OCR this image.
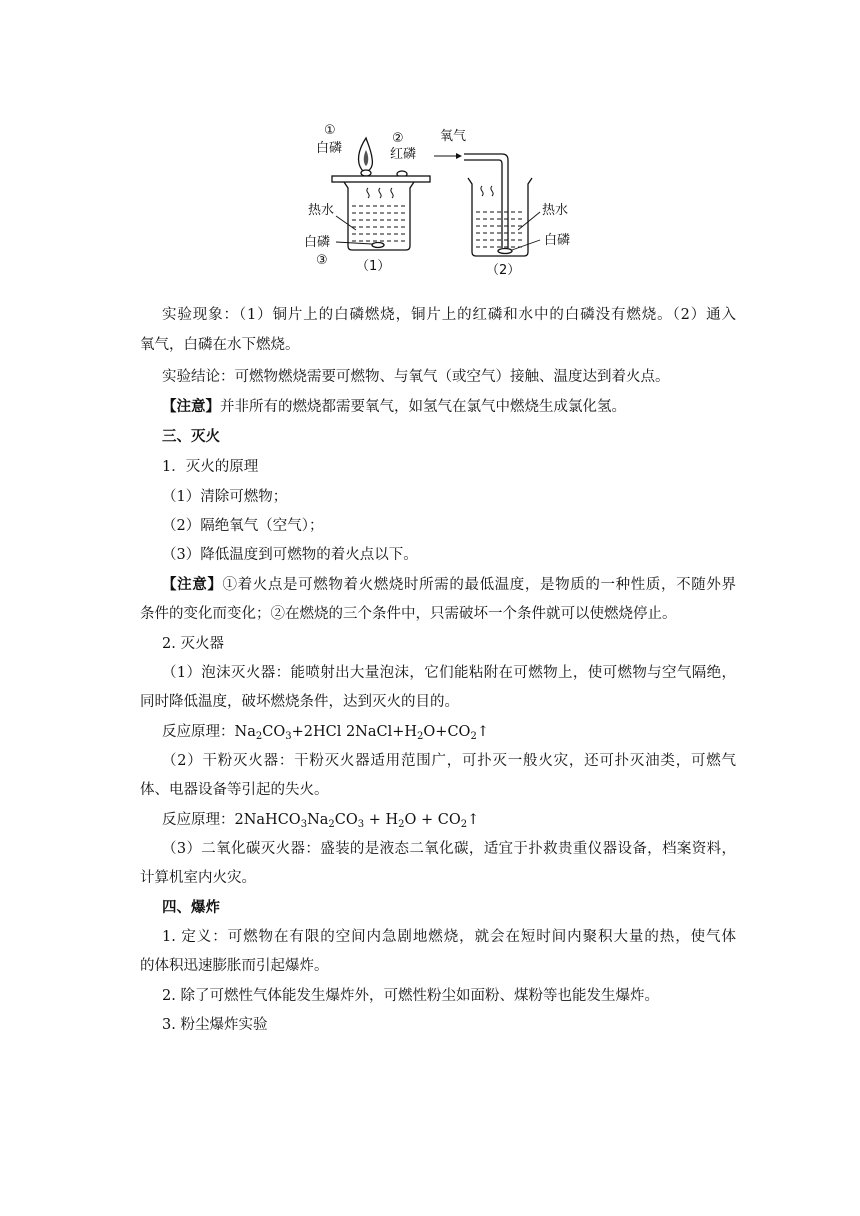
①
白磷
②
红磷
热水
白磷
③ （1）
氧气
热水
白磷
（2）
实验现象：（1）铜片上的白磷燃烧，铜片上的红磷和水中的白磷没有燃烧。（2）通入
氧气，白磷在水下燃烧。
实验结论：可燃物燃烧需要可燃物、与氧气（或空气）接触、温度达到着火点。
【注意】并非所有的燃烧都需要氧气，如氢气在氯气中燃烧生成氯化氢。
三、灭火
1．灭火的原理
（1）清除可燃物；
（2）隔绝氧气（空气）；
（3）降低温度到可燃物的着火点以下。
【注意】①着火点是可燃物着火燃烧时所需的最低温度，是物质的一种性质，不随外界
条件的变化而变化；②在燃烧的三个条件中，只需破坏一个条件就可以使燃烧停止。
2. 灭火器
（1）泡沫灭火器：能喷射出大量泡沫，它们能粘附在可燃物上，使可燃物与空气隔绝，
同时降低温度，破坏燃烧条件，达到灭火的目的。
反应原理：$Na_2CO_3+2HCl$ $2NaCl+H_2O+CO_2↑$
（2）干粉灭火器：干粉灭火器适用范围广，可扑灭一般火灾，还可扑灭油类，可燃气
体、电器设备等引起的失火。
反应原理：$2NaHCO_3Na_2CO_3 + H_2O$ + $CO_2↑$
（3）二氧化碳灭火器：盛装的是液态二氧化碳，适宜于扑救贵重仪器设备，档案资料，
计算机室内火灾。
四、爆炸
1. 定义：可燃物在有限的空间内急剧地燃烧，就会在短时间内聚积大量的热，使气体
的体积迅速膨胀而引起爆炸。
2. 除了可燃性气体能发生爆炸外，可燃性粉尘如面粉、煤粉等也能发生爆炸。
3. 粉尘爆炸实验
